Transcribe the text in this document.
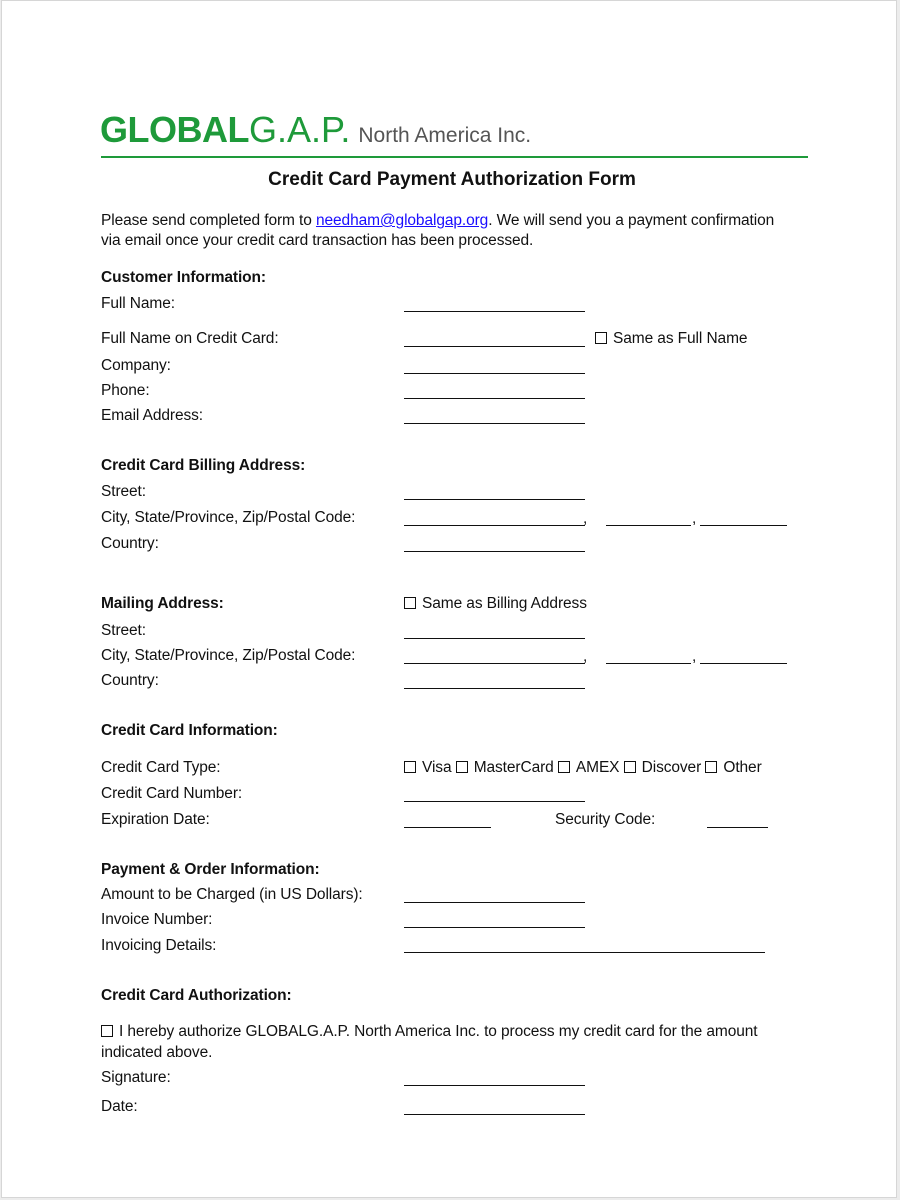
GLOBALG.A.P. North America Inc.
Credit Card Payment Authorization Form
Please send completed form to needham@globalgap.org. We will send you a payment confirmation
via email once your credit card transaction has been processed.
Customer Information:
Full Name:
Full Name on Credit Card:	Same as Full Name
Company:
Phone:
Email Address:
Credit Card Billing Address:
Street:
City, State/Province, Zip/Postal Code:	,	,
Country:
Mailing Address:	Same as Billing Address
Street:
City, State/Province, Zip/Postal Code:	,	,
Country:
Credit Card Information:
Credit Card Type:	Visa MasterCard AMEX Discover Other
Credit Card Number:
Expiration Date:	Security Code:
Payment & Order Information:
Amount to be Charged (in US Dollars):
Invoice Number:
Invoicing Details:
Credit Card Authorization:
I hereby authorize GLOBALG.A.P. North America Inc. to process my credit card for the amount
indicated above.
Signature:
Date:
